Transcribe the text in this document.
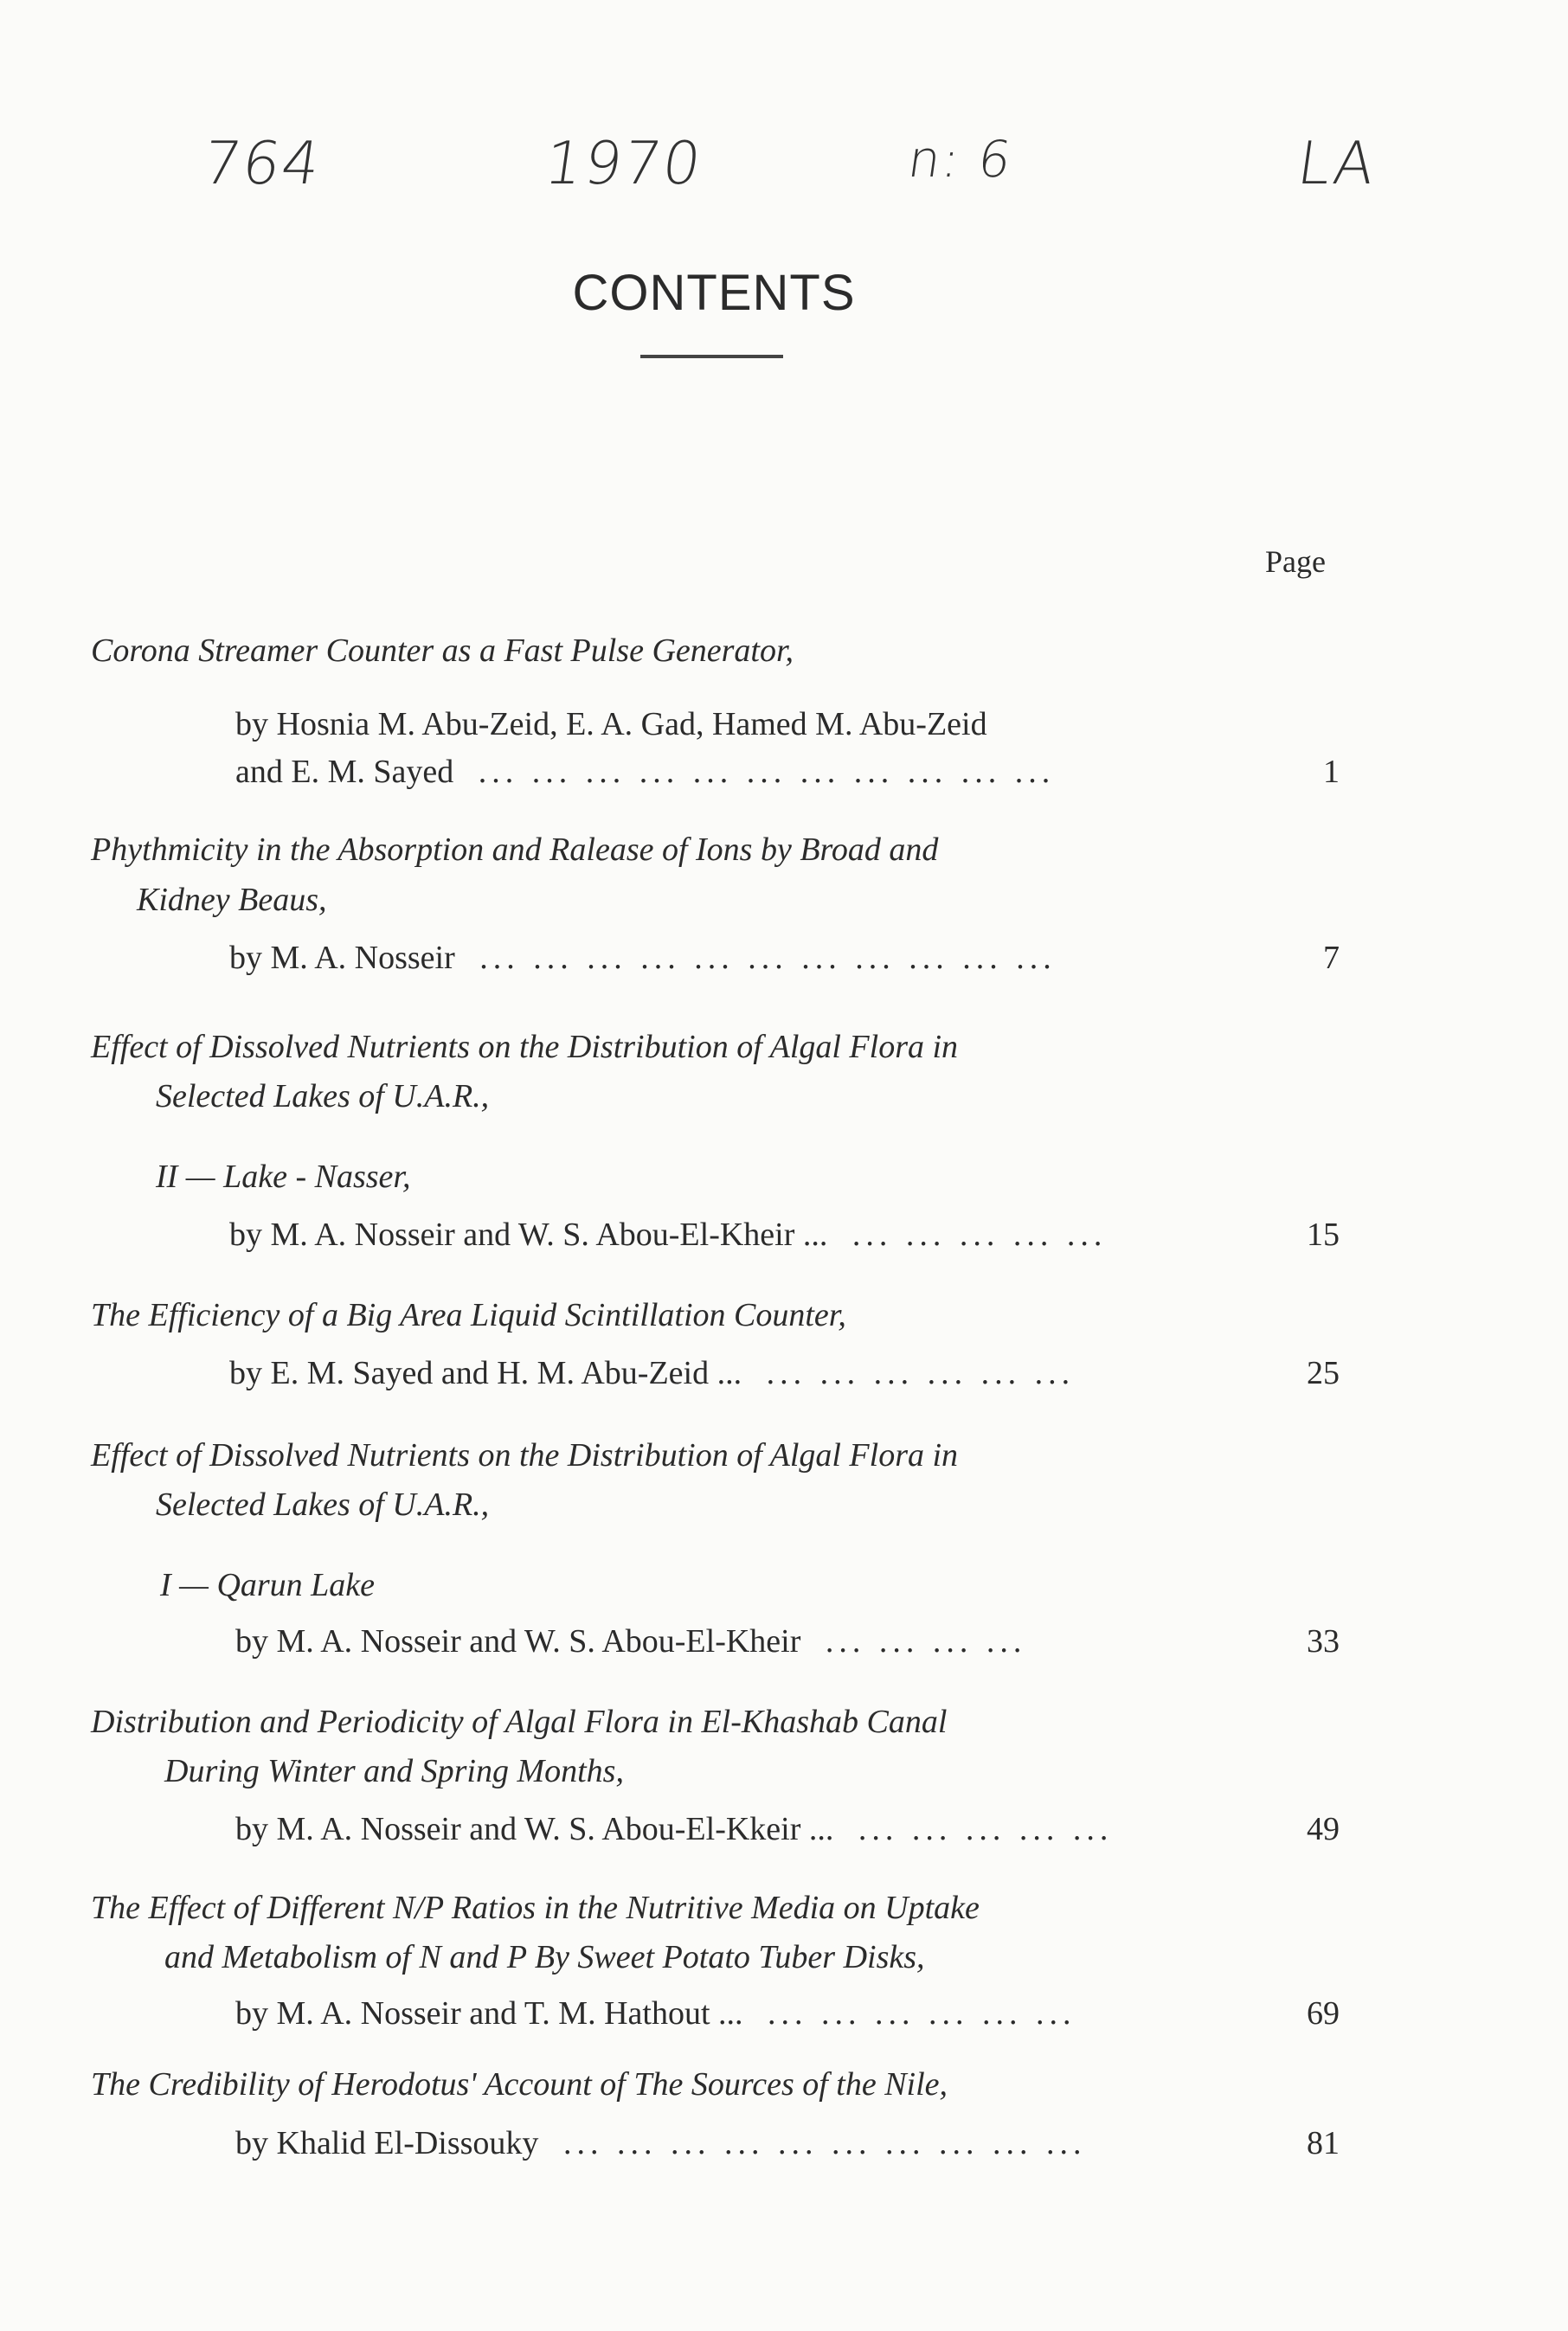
764	1970	n: 6	LA
CONTENTS
Page
Corona Streamer Counter as a Fast Pulse Generator,
by Hosnia M. Abu-Zeid, E. A. Gad, Hamed M. Abu-Zeid
and E. M. Sayed ... ... ... ... ... ... ... ... ... ... ...	1
Phythmicity in the Absorption and Ralease of Ions by Broad and
Kidney Beaus,
by M. A. Nosseir ... ... ... ... ... ... ... ... ... ... ...	7
Effect of Dissolved Nutrients on the Distribution of Algal Flora in
Selected Lakes of U.A.R.,
II — Lake - Nasser,
by M. A. Nosseir and W. S. Abou-El-Kheir ... ... ... ... ... ...	15
The Efficiency of a Big Area Liquid Scintillation Counter,
by E. M. Sayed and H. M. Abu-Zeid ... ... ... ... ... ... ...	25
Effect of Dissolved Nutrients on the Distribution of Algal Flora in
Selected Lakes of U.A.R.,
I — Qarun Lake
by M. A. Nosseir and W. S. Abou-El-Kheir ... ... ... ...	33
Distribution and Periodicity of Algal Flora in El-Khashab Canal
During Winter and Spring Months,
by M. A. Nosseir and W. S. Abou-El-Kkeir ... ... ... ... ... ...	49
The Effect of Different N/P Ratios in the Nutritive Media on Uptake
and Metabolism of N and P By Sweet Potato Tuber Disks,
by M. A. Nosseir and T. M. Hathout ... ... ... ... ... ... ...	69
The Credibility of Herodotus' Account of The Sources of the Nile,
by Khalid El-Dissouky ... ... ... ... ... ... ... ... ... ...	81
